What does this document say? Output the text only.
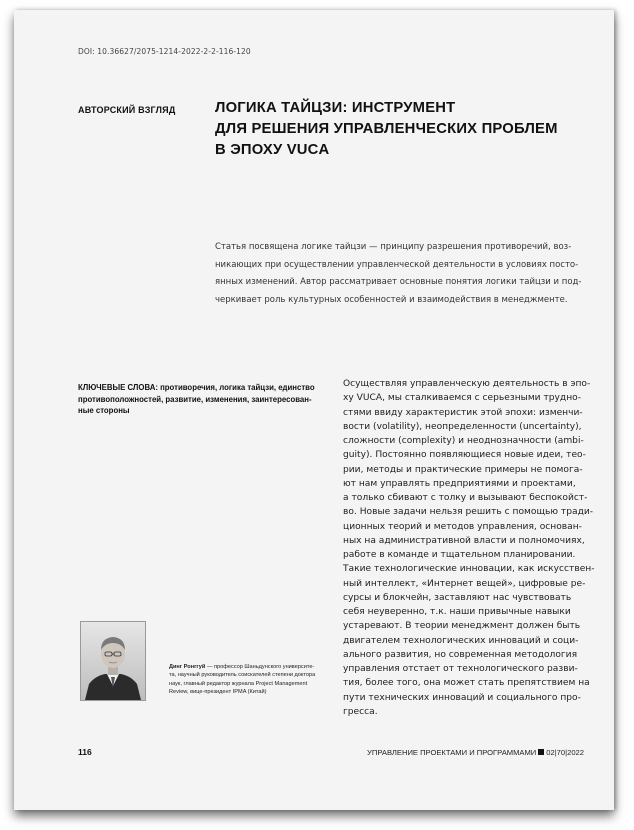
DOI: 10.36627/2075-1214-2022-2-2-116-120
АВТОРСКИЙ ВЗГЛЯД	ЛОГИКА ТАЙЦЗИ: ИНСТРУМЕНТ
ДЛЯ РЕШЕНИЯ УПРАВЛЕНЧЕСКИХ ПРОБЛЕМ
В ЭПОХУ VUCA
Статья посвящена логике тайцзи — принципу разрешения противоречий, воз-
никающих при осуществлении управленческой деятельности в условиях посто-
янных изменений. Автор рассматривает основные понятия логики тайцзи и под-
черкивает роль культурных особенностей и взаимодействия в менеджменте.
КЛЮЧЕВЫЕ СЛОВА: противоречия, логика тайцзи, единство
противоположностей, развитие, изменения, заинтересован-
ные стороны
Осуществляя управленческую деятельность в эпо-
ху VUCA, мы сталкиваемся с серьезными трудно-
стями ввиду характеристик этой эпохи: изменчи-
вости (volatility), неопределенности (uncertainty),
сложности (complexity) и неоднозначности (ambi-
guity). Постоянно появляющиеся новые идеи, тео-
рии, методы и практические примеры не помога-
ют нам управлять предприятиями и проектами,
а только сбивают с толку и вызывают беспокойст-
во. Новые задачи нельзя решить с помощью тради-
ционных теорий и методов управления, основан-
ных на административной власти и полномочиях,
работе в команде и тщательном планировании.
Такие технологические инновации, как искусствен-
ный интеллект, «Интернет вещей», цифровые ре-
сурсы и блокчейн, заставляют нас чувствовать
себя неуверенно, т.к. наши привычные навыки
устаревают. В теории менеджмент должен быть
двигателем технологических инноваций и соци-
ального развития, но современная методология
управления отстает от технологического разви-
тия, более того, она может стать препятствием на
пути технических инноваций и социального про-
гресса.
Динг Ронггуй — профессор Шаньдунского университе-
та, научный руководитель соискателей степени доктора
наук, главный редактор журнала Project Management
Review, вице-президент IPMA (Китай)
116	УПРАВЛЕНИЕ ПРОЕКТАМИ И ПРОГРАММАМИ 02|70|2022
